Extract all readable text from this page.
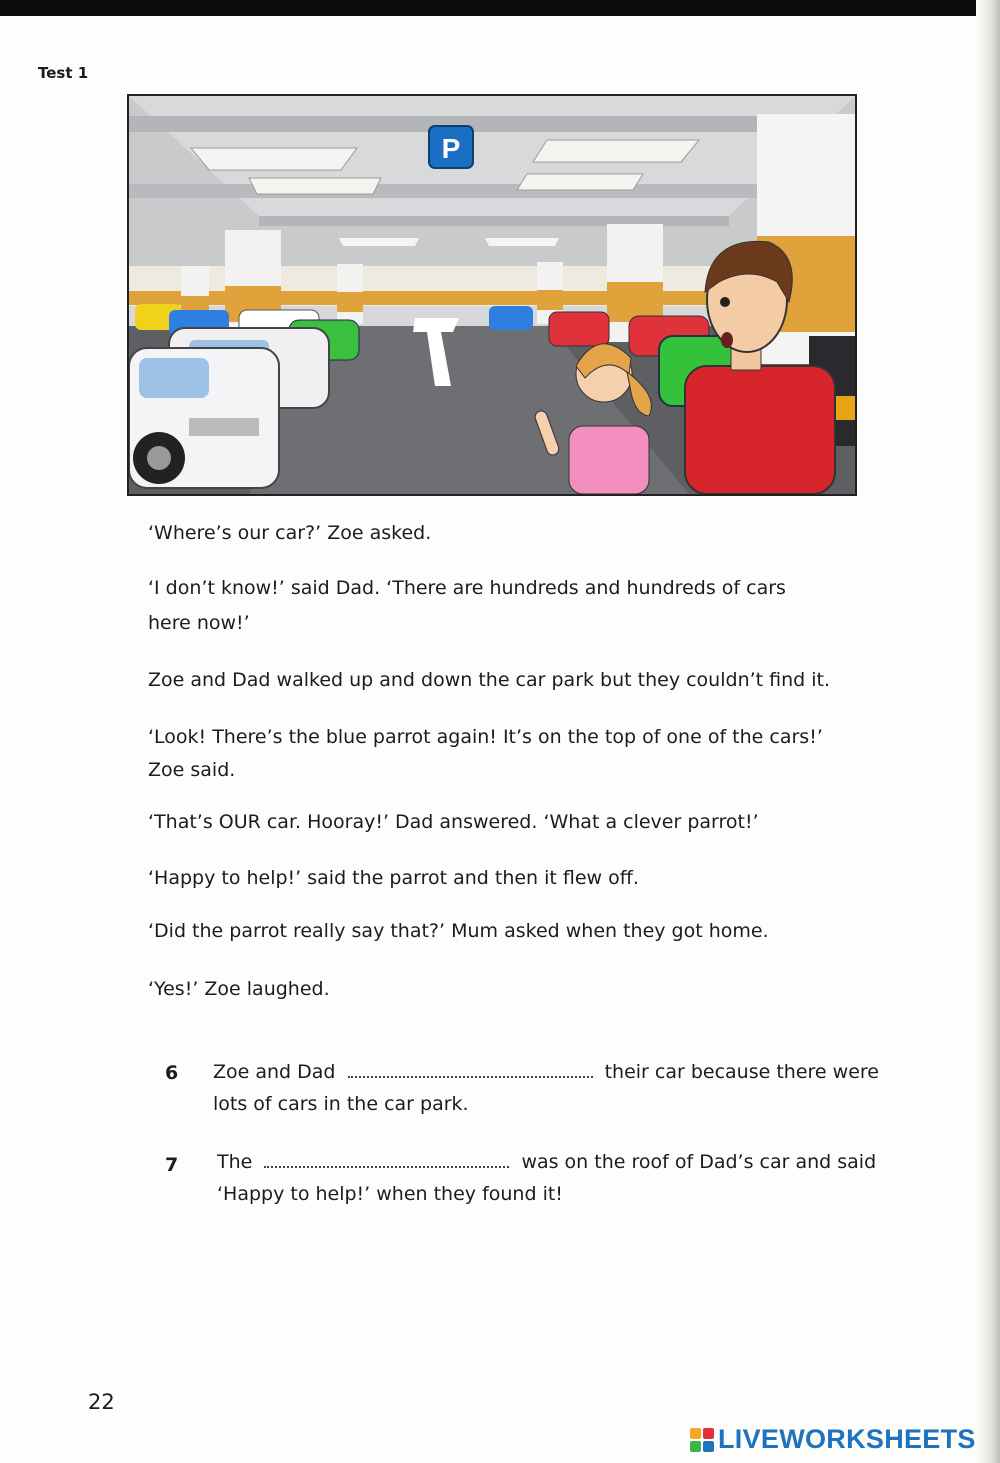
Test 1
P

‘Where’s our car?’ Zoe asked.

‘I don’t know!’ said Dad. ‘There are hundreds and hundreds of cars

here now!’

Zoe and Dad walked up and down the car park but they couldn’t find it.

‘Look! There’s the blue parrot again! It’s on the top of one of the cars!’

Zoe said.

‘That’s OUR car. Hooray!’ Dad answered. ‘What a clever parrot!’

‘Happy to help!’ said the parrot and then it flew off.

‘Did the parrot really say that?’ Mum asked when they got home.

‘Yes!’ Zoe laughed.

6 Zoe and Dad	their car because there were
lots of cars in the car park.
7 The	was on the roof of Dad’s car and said
‘Happy to help!’ when they found it!
22
LIVEWORKSHEETS
